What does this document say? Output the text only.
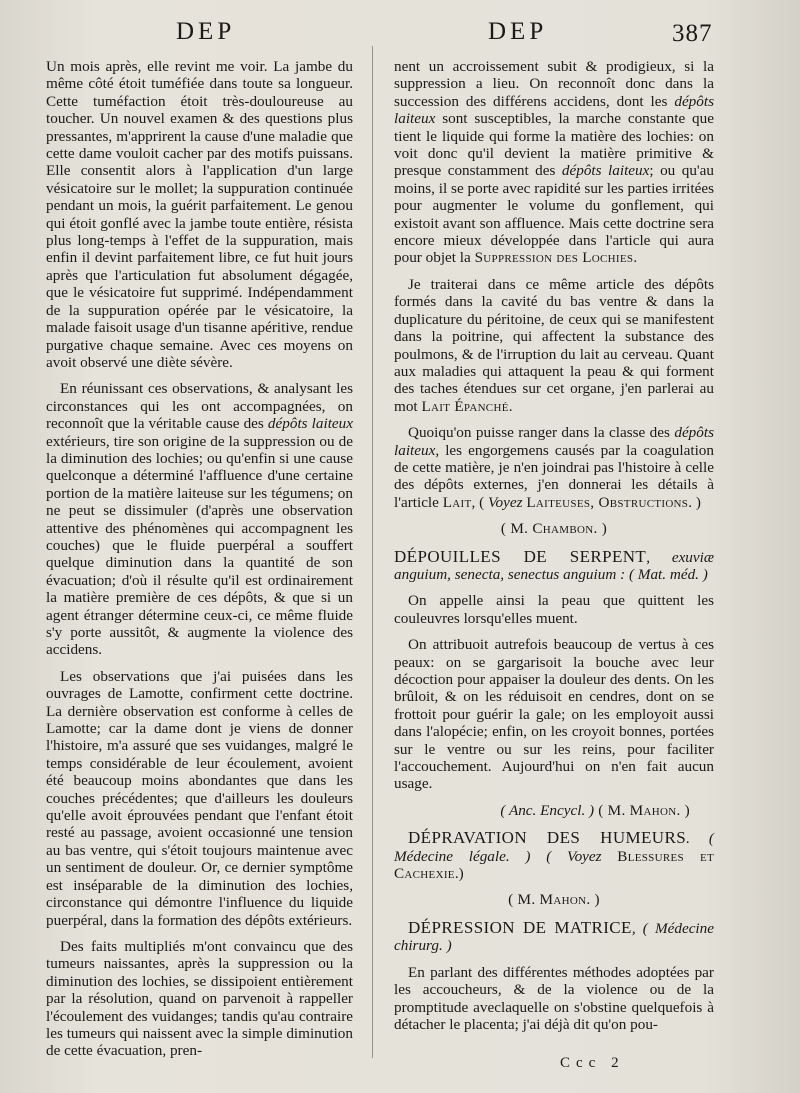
DEP	DEP	387

Un mois après, elle revint me voir. La jambe du même côté étoit tuméfiée dans toute sa longueur. Cette tuméfaction étoit très-douloureuse au toucher. Un nouvel examen & des questions plus pressantes, m'apprirent la cause d'une maladie que cette dame vouloit cacher par des motifs puissans. Elle consentit alors à l'application d'un large vésicatoire sur le mollet; la suppuration continuée pendant un mois, la guérit parfaitement. Le genou qui étoit gonflé avec la jambe toute entière, résista plus long-temps à l'effet de la suppuration, mais enfin il devint parfaitement libre, ce fut huit jours après que l'articulation fut absolument dégagée, que le vésicatoire fut supprimé. Indépendamment de la suppuration opérée par le vésicatoire, la malade faisoit usage d'un tisanne apéritive, rendue purgative chaque semaine. Avec ces moyens on avoit observé une diète sévère.

En réunissant ces observations, & analysant les circonstances qui les ont accompagnées, on reconnoît que la véritable cause des dépôts laiteux extérieurs, tire son origine de la suppression ou de la diminution des lochies; ou qu'enfin si une cause quelconque a déterminé l'affluence d'une certaine portion de la matière laiteuse sur les tégumens; on ne peut se dissimuler (d'après une observation attentive des phénomènes qui accompagnent les couches) que le fluide puerpéral a souffert quelque diminution dans la quantité de son évacuation; d'où il résulte qu'il est ordinairement la matière première de ces dépôts, & que si un agent étranger détermine ceux-ci, ce même fluide s'y porte aussitôt, & augmente la violence des accidens.

Les observations que j'ai puisées dans les ouvrages de Lamotte, confirment cette doctrine. La dernière observation est conforme à celles de Lamotte; car la dame dont je viens de donner l'histoire, m'a assuré que ses vuidanges, malgré le temps considérable de leur écoulement, avoient été beaucoup moins abondantes que dans les couches précédentes; que d'ailleurs les douleurs qu'elle avoit éprouvées pendant que l'enfant étoit resté au passage, avoient occasionné une tension au bas ventre, qui s'étoit toujours maintenue avec un sentiment de douleur. Or, ce dernier symptôme est inséparable de la diminution des lochies, circonstance qui démontre l'influence du liquide puerpéral, dans la formation des dépôts extérieurs.

Des faits multipliés m'ont convaincu que des tumeurs naissantes, après la suppression ou la diminution des lochies, se dissipoient entièrement par la résolution, quand on parvenoit à rappeller l'écoulement des vuidanges; tandis qu'au contraire les tumeurs qui naissent avec la simple diminution de cette évacuation, pren-

nent un accroissement subit & prodigieux, si la suppression a lieu. On reconnoît donc dans la succession des différens accidens, dont les dépôts laiteux sont susceptibles, la marche constante que tient le liquide qui forme la matière des lochies: on voit donc qu'il devient la matière primitive & presque constamment des dépôts laiteux; ou qu'au moins, il se porte avec rapidité sur les parties irritées pour augmenter le volume du gonflement, qui existoit avant son affluence. Mais cette doctrine sera encore mieux développée dans l'article qui aura pour objet la Suppression des Lochies.

Je traiterai dans ce même article des dépôts formés dans la cavité du bas ventre & dans la duplicature du péritoine, de ceux qui se manifestent dans la poitrine, qui affectent la substance des poulmons, & de l'irruption du lait au cerveau. Quant aux maladies qui attaquent la peau & qui forment des taches étendues sur cet organe, j'en parlerai au mot Lait Épanché.

Quoiqu'on puisse ranger dans la classe des dépôts laiteux, les engorgemens causés par la coagulation de cette matière, je n'en joindrai pas l'histoire à celle des dépôts externes, j'en donnerai les détails à l'article Lait, ( Voyez Laiteuses, Obstructions. )

( M. Chambon. )

DÉPOUILLES DE SERPENT, exuviæ anguium, senecta, senectus anguium : ( Mat. méd. )

On appelle ainsi la peau que quittent les couleuvres lorsqu'elles muent.

On attribuoit autrefois beaucoup de vertus à ces peaux: on se gargarisoit la bouche avec leur décoction pour appaiser la douleur des dents. On les brûloit, & on les réduisoit en cendres, dont on se frottoit pour guérir la gale; on les employoit aussi dans l'alopécie; enfin, on les croyoit bonnes, portées sur le ventre ou sur les reins, pour faciliter l'accouchement. Aujourd'hui on n'en fait aucun usage.

( Anc. Encycl. ) ( M. Mahon. )

DÉPRAVATION DES HUMEURS. ( Médecine légale. ) ( Voyez Blessures et Cachexie.)

( M. Mahon. )

DÉPRESSION DE MATRICE, ( Médecine chirurg. )

En parlant des différentes méthodes adoptées par les accoucheurs, & de la violence ou de la promptitude aveclaquelle on s'obstine quelquefois à détacher le placenta; j'ai déjà dit qu'on pou-

Ccc 2
